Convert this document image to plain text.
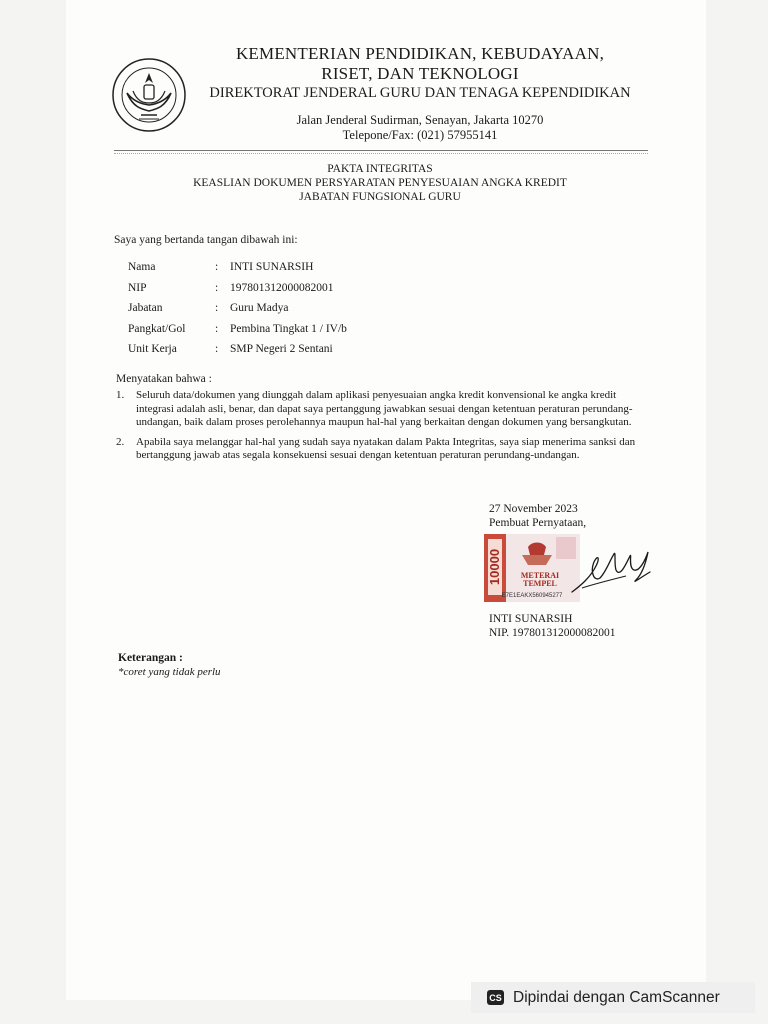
KEMENTERIAN PENDIDIKAN, KEBUDAYAAN,
RISET, DAN TEKNOLOGI
DIREKTORAT JENDERAL GURU DAN TENAGA KEPENDIDIKAN
Jalan Jenderal Sudirman, Senayan, Jakarta 10270
Telepone/Fax: (021) 57955141
PAKTA INTEGRITAS
KEASLIAN DOKUMEN PERSYARATAN PENYESUAIAN ANGKA KREDIT
JABATAN FUNGSIONAL GURU
Saya yang bertanda tangan dibawah ini:
Nama	:	INTI SUNARSIH
NIP	:	197801312000082001
Jabatan	:	Guru Madya
Pangkat/Gol	:	Pembina Tingkat 1 / IV/b
Unit Kerja	:	SMP Negeri 2 Sentani
Menyatakan bahwa :
1.	Seluruh data/dokumen yang diunggah dalam aplikasi penyesuaian angka kredit konvensional ke angka kredit integrasi adalah asli, benar, dan dapat saya pertanggung jawabkan sesuai dengan ketentuan peraturan perundang-undangan, baik dalam proses perolehannya maupun hal-hal yang berkaitan dengan dokumen yang bersangkutan.
2.	Apabila saya melanggar hal-hal yang sudah saya nyatakan dalam Pakta Integritas, saya siap menerima sanksi dan bertanggung jawab atas segala konsekuensi sesuai dengan ketentuan peraturan perundang-undangan.
27 November 2023
Pembuat Pernyataan,
10000 METERAI
TEMPEL
E7E1EAKX560945277
INTI SUNARSIH
NIP. 197801312000082001
Keterangan :
*coret yang tidak perlu
CS Dipindai dengan CamScanner
